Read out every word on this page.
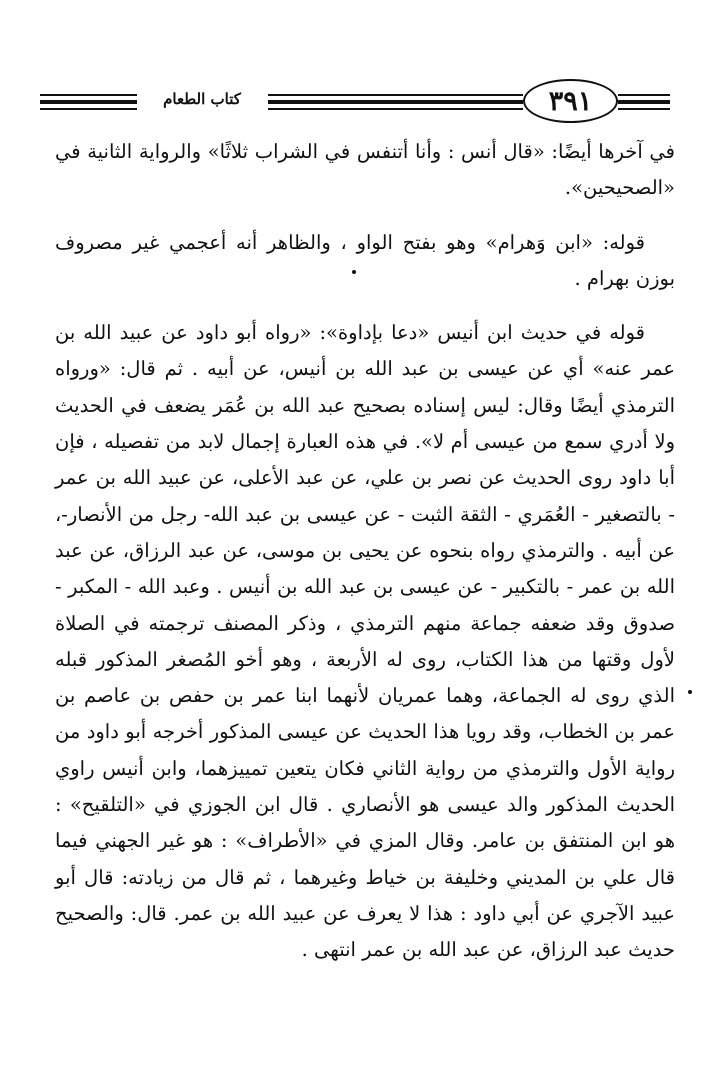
كتاب الطعام	٣٩١

في آخرها أيضًا: «قال أنس : وأنا أتنفس في الشراب ثلاثًا» والرواية الثانية في «الصحيحين».

قوله: «ابن وَهرام» وهو بفتح الواو ، والظاهر أنه أعجمي غير مصروف بوزن بهرام .

قوله في حديث ابن أنيس «دعا بإداوة»: «رواه أبو داود عن عبيد الله بن عمر عنه» أي عن عيسى بن عبد الله بن أنيس، عن أبيه . ثم قال: «ورواه الترمذي أيضًا وقال: ليس إسناده بصحيح عبد الله بن عُمَر يضعف في الحديث ولا أدري سمع من عيسى أم لا». في هذه العبارة إجمال لابد من تفصيله ، فإن أبا داود روى الحديث عن نصر بن علي، عن عبد الأعلى، عن عبيد الله بن عمر - بالتصغير - العُمَري - الثقة الثبت - عن عيسى بن عبد الله- رجل من الأنصار-، عن أبيه . والترمذي رواه بنحوه عن يحيى بن موسى، عن عبد الرزاق، عن عبد الله بن عمر - بالتكبير - عن عيسى بن عبد الله بن أنيس . وعبد الله - المكبر - صدوق وقد ضعفه جماعة منهم الترمذي ، وذكر المصنف ترجمته في الصلاة لأول وقتها من هذا الكتاب، روى له الأربعة ، وهو أخو المُصغر المذكور قبله الذي روى له الجماعة، وهما عمريان لأنهما ابنا عمر بن حفص بن عاصم بن عمر بن الخطاب، وقد رويا هذا الحديث عن عيسى المذكور أخرجه أبو داود من رواية الأول والترمذي من رواية الثاني فكان يتعين تمييزهما، وابن أنيس راوي الحديث المذكور والد عيسى هو الأنصاري . قال ابن الجوزي في «التلقيح» : هو ابن المنتفق بن عامر. وقال المزي في «الأطراف» : هو غير الجهني فيما قال علي بن المديني وخليفة بن خياط وغيرهما ، ثم قال من زيادته: قال أبو عبيد الآجري عن أبي داود : هذا لا يعرف عن عبيد الله بن عمر. قال: والصحيح حديث عبد الرزاق، عن عبد الله بن عمر انتهى .
